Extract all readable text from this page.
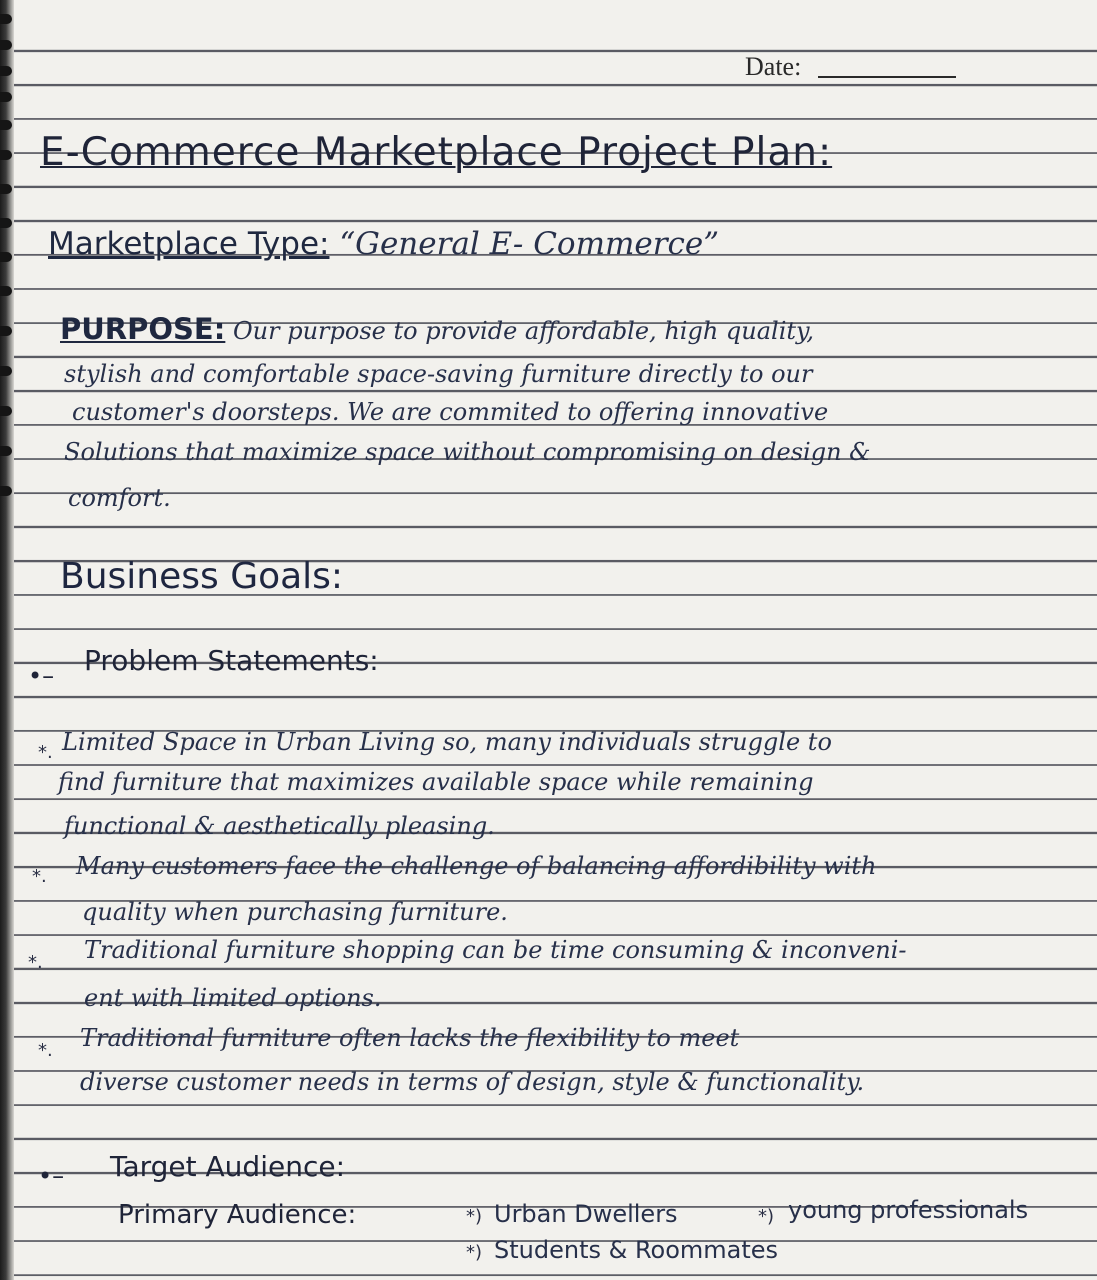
Date:
E-Commerce Marketplace Project Plan:
Marketplace Type: “General E- Commerce”
PURPOSE: Our purpose to provide affordable, high quality,
stylish and comfortable space-saving furniture directly to our
customer's doorsteps. We are commited to offering innovative
Solutions that maximize space without compromising on design &
comfort.
Business Goals:
•– Problem Statements:
*. Limited Space in Urban Living so, many individuals struggle to
find furniture that maximizes available space while remaining
functional & aesthetically pleasing.
*. Many customers face the challenge of balancing affordibility with
quality when purchasing furniture.
*. Traditional furniture shopping can be time consuming & inconveni-
ent with limited options.
*. Traditional furniture often lacks the flexibility to meet
diverse customer needs in terms of design, style & functionality.
•– Target Audience:
Primary Audience:	*) Urban Dwellers	*) young professionals
*) Students & Roommates
